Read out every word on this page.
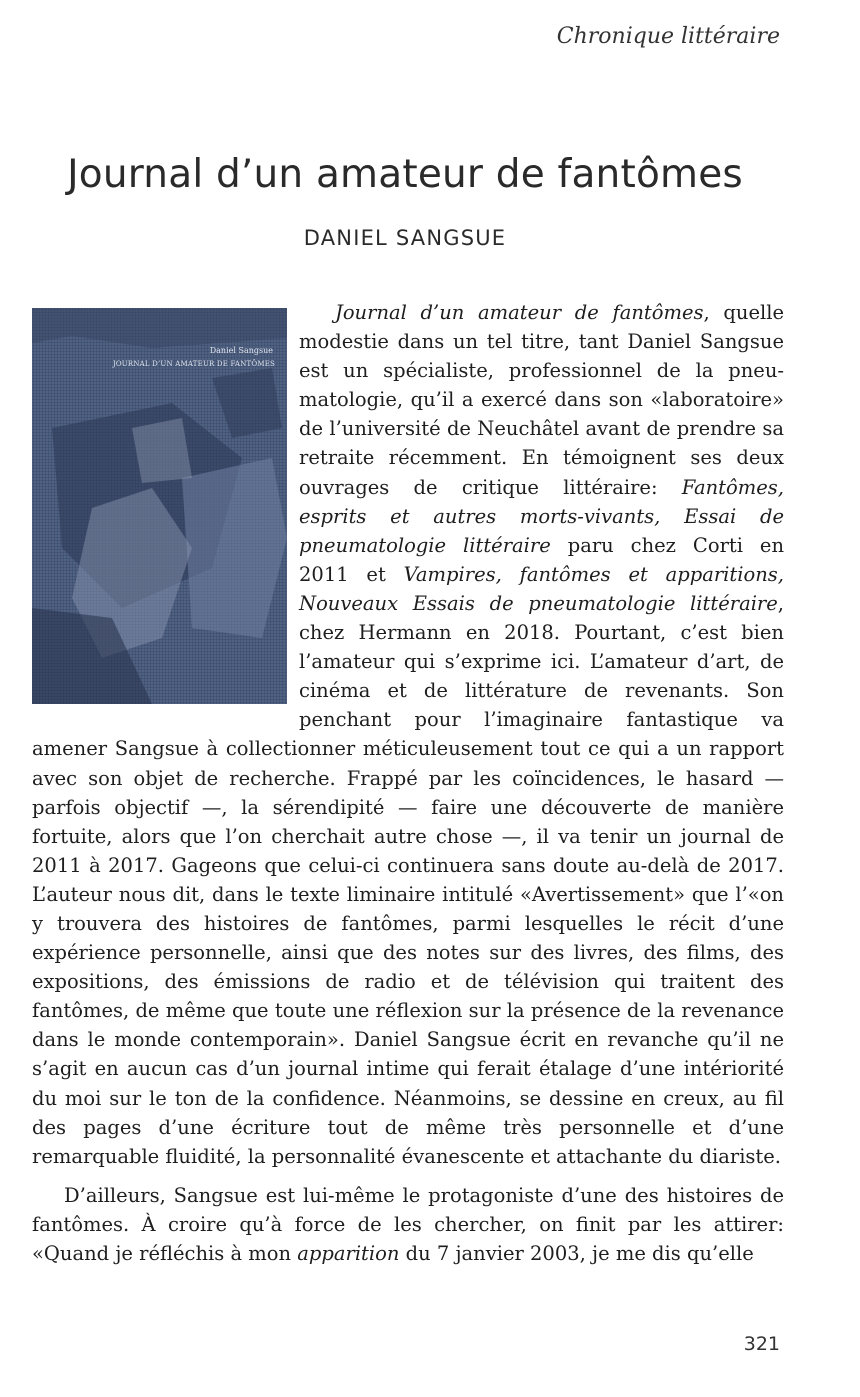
Chronique littéraire
Journal d’un amateur de fantômes
DANIEL SANGSUE
Daniel Sangsue
JOURNAL D’UN AMATEUR DE FANTÔMES

Journal d’un amateur de fantômes, quelle modestie dans un tel titre, tant Daniel Sangsue est un spécialiste, professionnel de la pneumatologie, qu’il a exercé dans son «laboratoire» de l’université de Neuchâtel avant de prendre sa retraite récemment. En témoignent ses deux ouvrages de critique littéraire: Fantômes, esprits et autres morts-vivants, Essai de pneumatologie littéraire paru chez Corti en 2011 et Vampires, fantômes et apparitions, Nouveaux Essais de pneumatologie littéraire, chez Hermann en 2018. Pourtant, c’est bien l’amateur qui s’exprime ici. L’amateur d’art, de cinéma et de littérature de revenants. Son penchant pour l’imaginaire fantastique va amener Sangsue à collectionner méticuleusement tout ce qui a un rapport avec son objet de recherche. Frappé par les coïncidences, le hasard — parfois objectif —, la sérendipité — faire une découverte de manière fortuite, alors que l’on cherchait autre chose —, il va tenir un journal de 2011 à 2017. Gageons que celui-ci continuera sans doute au-delà de 2017. L’auteur nous dit, dans le texte liminaire intitulé «Avertissement» que l’«on y trouvera des histoires de fantômes, parmi lesquelles le récit d’une expérience personnelle, ainsi que des notes sur des livres, des films, des expositions, des émissions de radio et de télévision qui traitent des fantômes, de même que toute une réflexion sur la présence de la revenance dans le monde contemporain». Daniel Sangsue écrit en revanche qu’il ne s’agit en aucun cas d’un journal intime qui ferait étalage d’une intériorité du moi sur le ton de la confidence. Néanmoins, se dessine en creux, au fil des pages d’une écriture tout de même très personnelle et d’une remarquable fluidité, la personnalité évanescente et attachante du diariste.

D’ailleurs, Sangsue est lui-même le protagoniste d’une des histoires de fantômes. À croire qu’à force de les chercher, on finit par les attirer: «Quand je réfléchis à mon apparition du 7 janvier 2003, je me dis qu’elle

321
